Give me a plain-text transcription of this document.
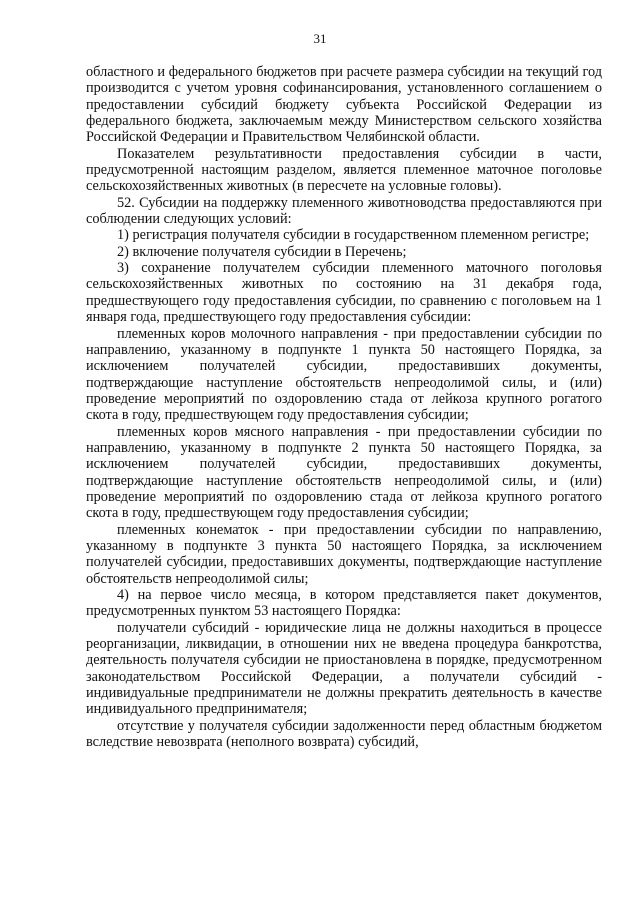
31

областного и федерального бюджетов при расчете размера субсидии на текущий год производится с учетом уровня софинансирования, установленного соглашением о предоставлении субсидий бюджету субъекта Российской Федерации из федерального бюджета, заключаемым между Министерством сельского хозяйства Российской Федерации и Правительством Челябинской области.

Показателем результативности предоставления субсидии в части, предусмотренной настоящим разделом, является племенное маточное поголовье сельскохозяйственных животных (в пересчете на условные головы).

52. Субсидии на поддержку племенного животноводства предоставляются при соблюдении следующих условий:

1) регистрация получателя субсидии в государственном племенном регистре;

2) включение получателя субсидии в Перечень;

3) сохранение получателем субсидии племенного маточного поголовья сельскохозяйственных животных по состоянию на 31 декабря года, предшествующего году предоставления субсидии, по сравнению с поголовьем на 1 января года, предшествующего году предоставления субсидии:

племенных коров молочного направления - при предоставлении субсидии по направлению, указанному в подпункте 1 пункта 50 настоящего Порядка, за исключением получателей субсидии, предоставивших документы, подтверждающие наступление обстоятельств непреодолимой силы, и (или) проведение мероприятий по оздоровлению стада от лейкоза крупного рогатого скота в году, предшествующем году предоставления субсидии;

племенных коров мясного направления - при предоставлении субсидии по направлению, указанному в подпункте 2 пункта 50 настоящего Порядка, за исключением получателей субсидии, предоставивших документы, подтверждающие наступление обстоятельств непреодолимой силы, и (или) проведение мероприятий по оздоровлению стада от лейкоза крупного рогатого скота в году, предшествующем году предоставления субсидии;

племенных конематок - при предоставлении субсидии по направлению, указанному в подпункте 3 пункта 50 настоящего Порядка, за исключением получателей субсидии, предоставивших документы, подтверждающие наступление обстоятельств непреодолимой силы;

4) на первое число месяца, в котором представляется пакет документов, предусмотренных пунктом 53 настоящего Порядка:

получатели субсидий - юридические лица не должны находиться в процессе реорганизации, ликвидации, в отношении них не введена процедура банкротства, деятельность получателя субсидии не приостановлена в порядке, предусмотренном законодательством Российской Федерации, а получатели субсидий - индивидуальные предприниматели не должны прекратить деятельность в качестве индивидуального предпринимателя;

отсутствие у получателя субсидии задолженности перед областным бюджетом вследствие невозврата (неполного возврата) субсидий,
